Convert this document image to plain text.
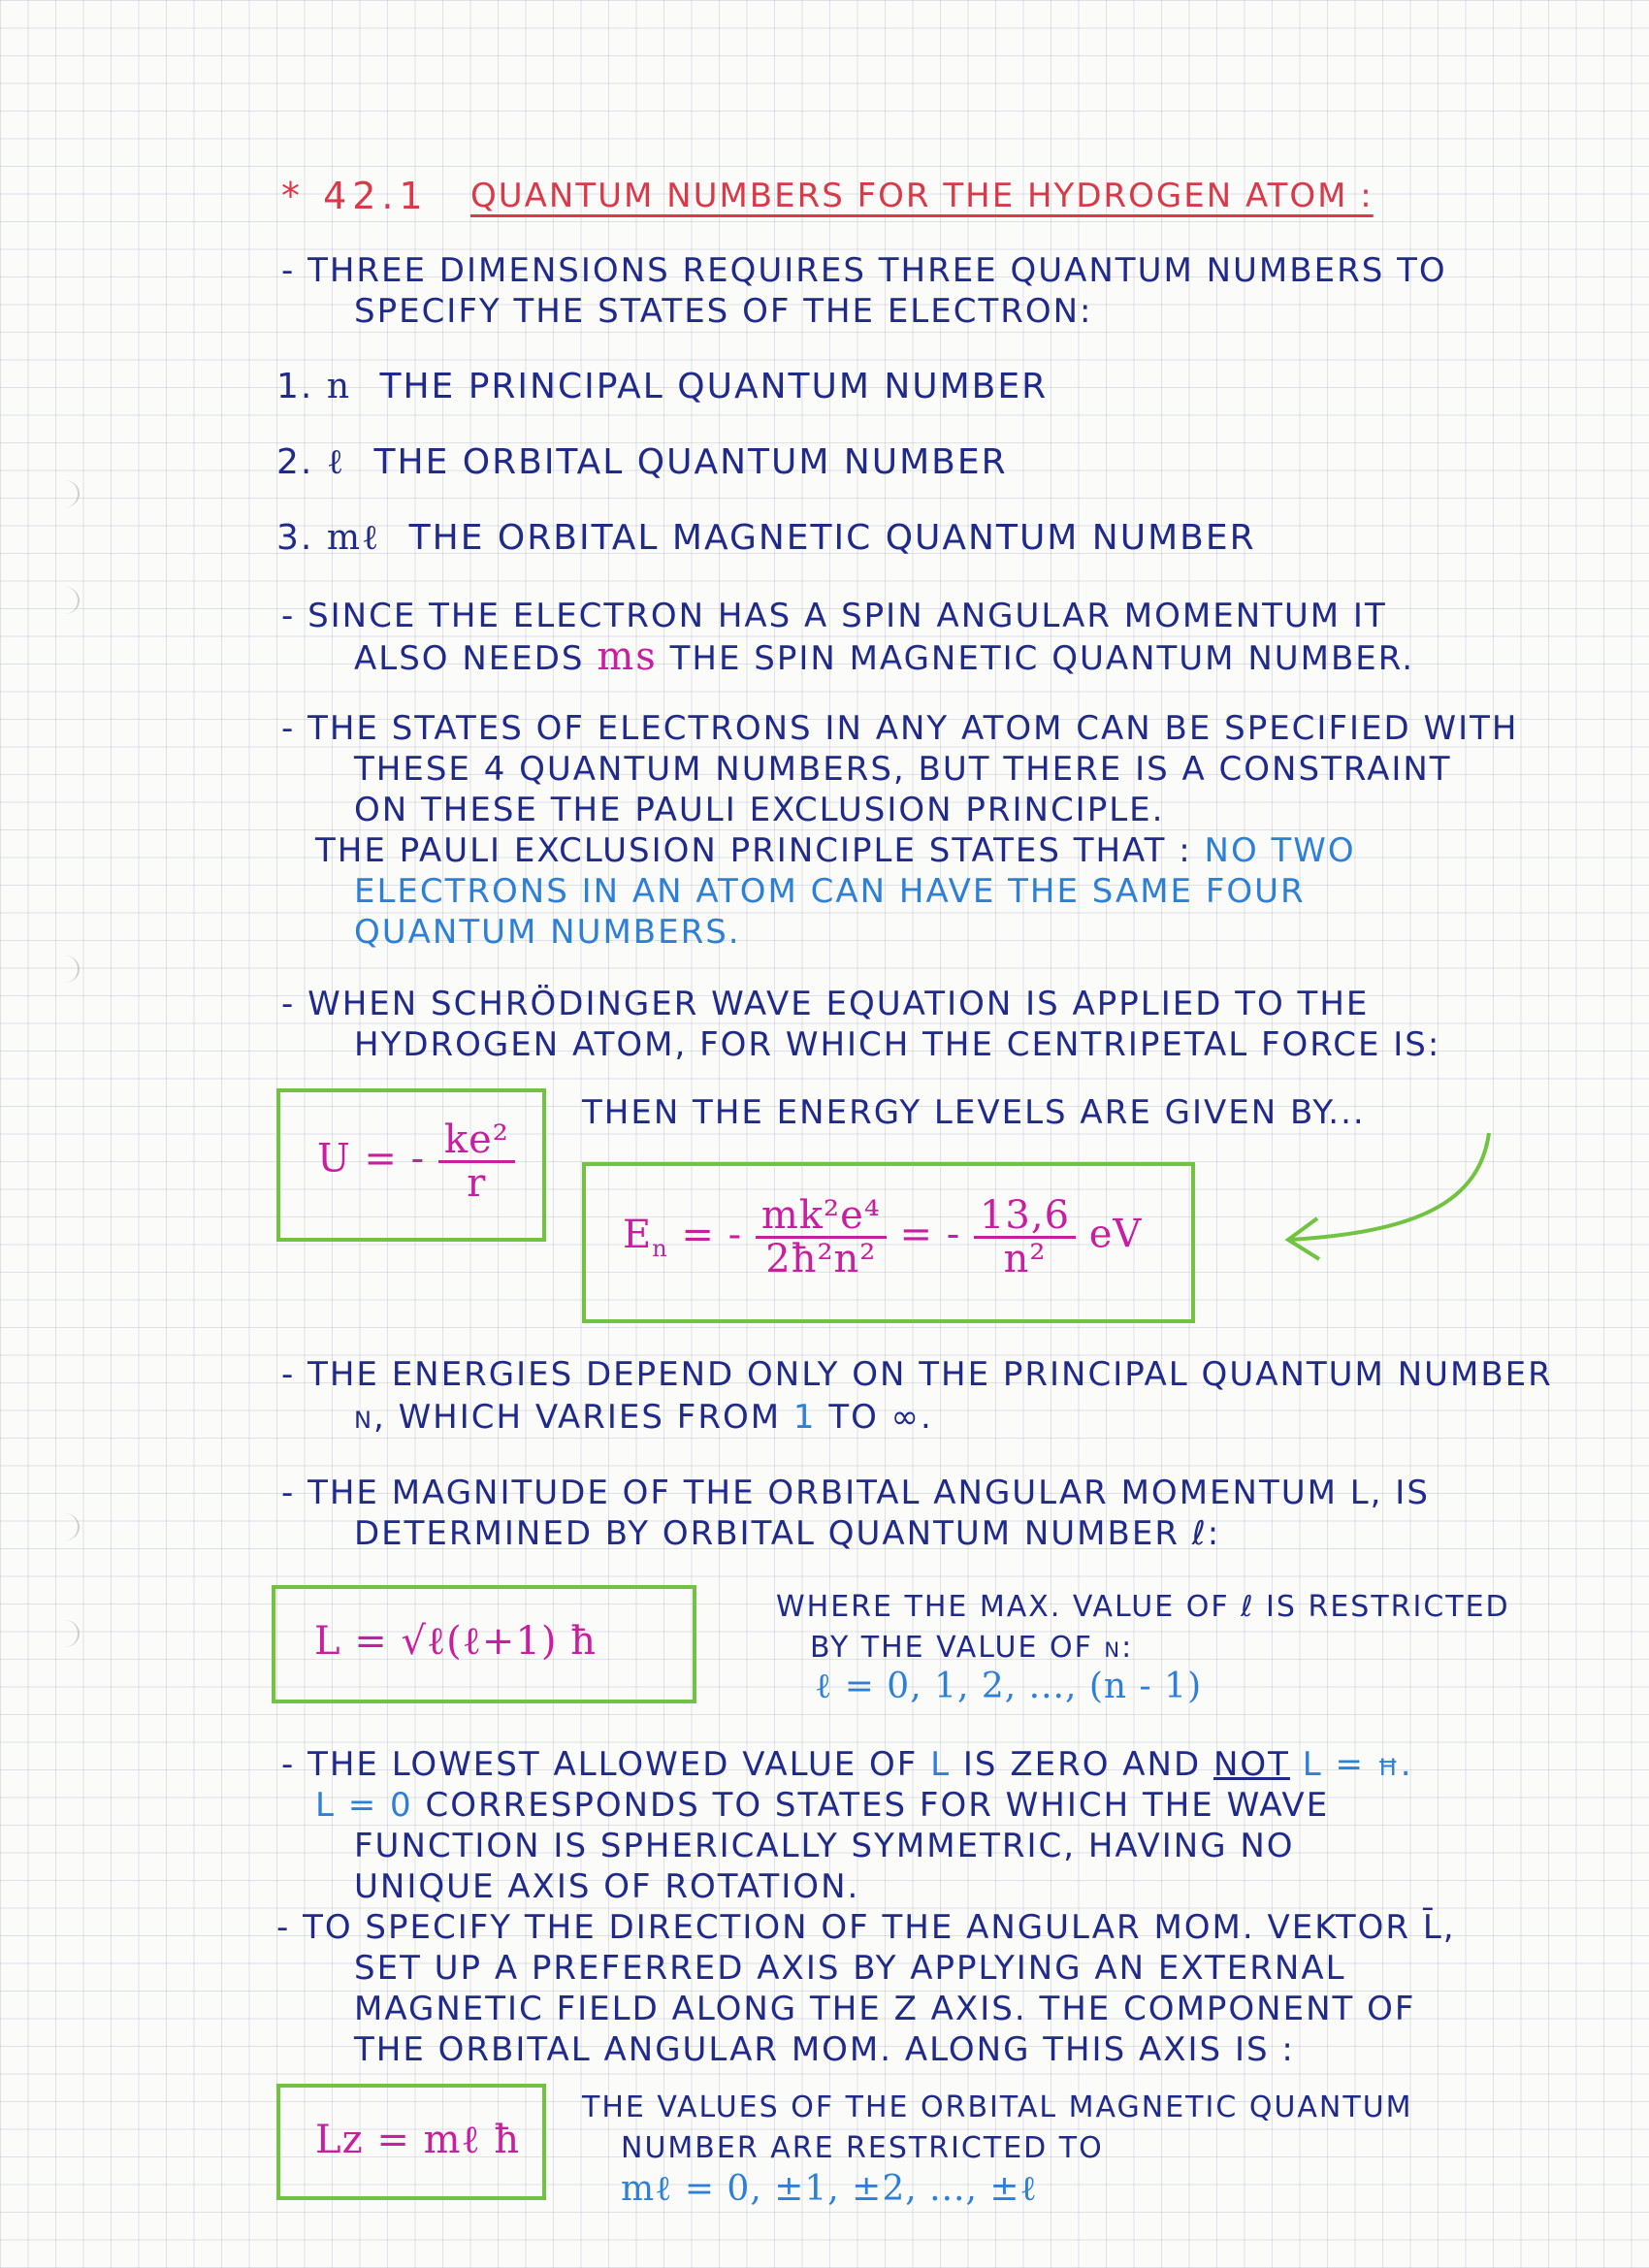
* 42.1 QUANTUM NUMBERS FOR THE HYDROGEN ATOM :
- THREE DIMENSIONS REQUIRES THREE QUANTUM NUMBERS TO
SPECIFY THE STATES OF THE ELECTRON:
1. n THE PRINCIPAL QUANTUM NUMBER
2. ℓ THE ORBITAL QUANTUM NUMBER
3. mℓ THE ORBITAL MAGNETIC QUANTUM NUMBER
- SINCE THE ELECTRON HAS A SPIN ANGULAR MOMENTUM IT
ALSO NEEDS ms THE SPIN MAGNETIC QUANTUM NUMBER.
- THE STATES OF ELECTRONS IN ANY ATOM CAN BE SPECIFIED WITH
THESE 4 QUANTUM NUMBERS, BUT THERE IS A CONSTRAINT
ON THESE THE PAULI EXCLUSION PRINCIPLE.
THE PAULI EXCLUSION PRINCIPLE STATES THAT : NO TWO
ELECTRONS IN AN ATOM CAN HAVE THE SAME FOUR
QUANTUM NUMBERS.
- WHEN SCHRÖDINGER WAVE EQUATION IS APPLIED TO THE
HYDROGEN ATOM, FOR WHICH THE CENTRIPETAL FORCE IS:
U = - $\frac{\text{ke²}}{r}$
THEN THE ENERGY LEVELS ARE GIVEN BY...
$E_n$ = - $\frac{\text{mk²e⁴}}{\text{2ħ²n²}}$ = - $\frac{13,6}{\text{n²}}$ eV
- THE ENERGIES DEPEND ONLY ON THE PRINCIPAL QUANTUM NUMBER
n, WHICH VARIES FROM 1 TO ∞.
- THE MAGNITUDE OF THE ORBITAL ANGULAR MOMENTUM L, IS
DETERMINED BY ORBITAL QUANTUM NUMBER ℓ:
L = √ℓ(ℓ+1) ħ
WHERE THE MAX. VALUE OF ℓ IS RESTRICTED
BY THE VALUE OF n:
ℓ = 0, 1, 2, ..., (n - 1)
- THE LOWEST ALLOWED VALUE OF L IS ZERO AND NOT L = ħ.
L = 0 CORRESPONDS TO STATES FOR WHICH THE WAVE
FUNCTION IS SPHERICALLY SYMMETRIC, HAVING NO
UNIQUE AXIS OF ROTATION.
- TO SPECIFY THE DIRECTION OF THE ANGULAR MOM. VEKTOR L̄,
SET UP A PREFERRED AXIS BY APPLYING AN EXTERNAL
MAGNETIC FIELD ALONG THE Z AXIS. THE COMPONENT OF
THE ORBITAL ANGULAR MOM. ALONG THIS AXIS IS :
Lz = mℓ ħ
THE VALUES OF THE ORBITAL MAGNETIC QUANTUM
NUMBER ARE RESTRICTED TO
mℓ = 0, ±1, ±2, ..., ±ℓ
